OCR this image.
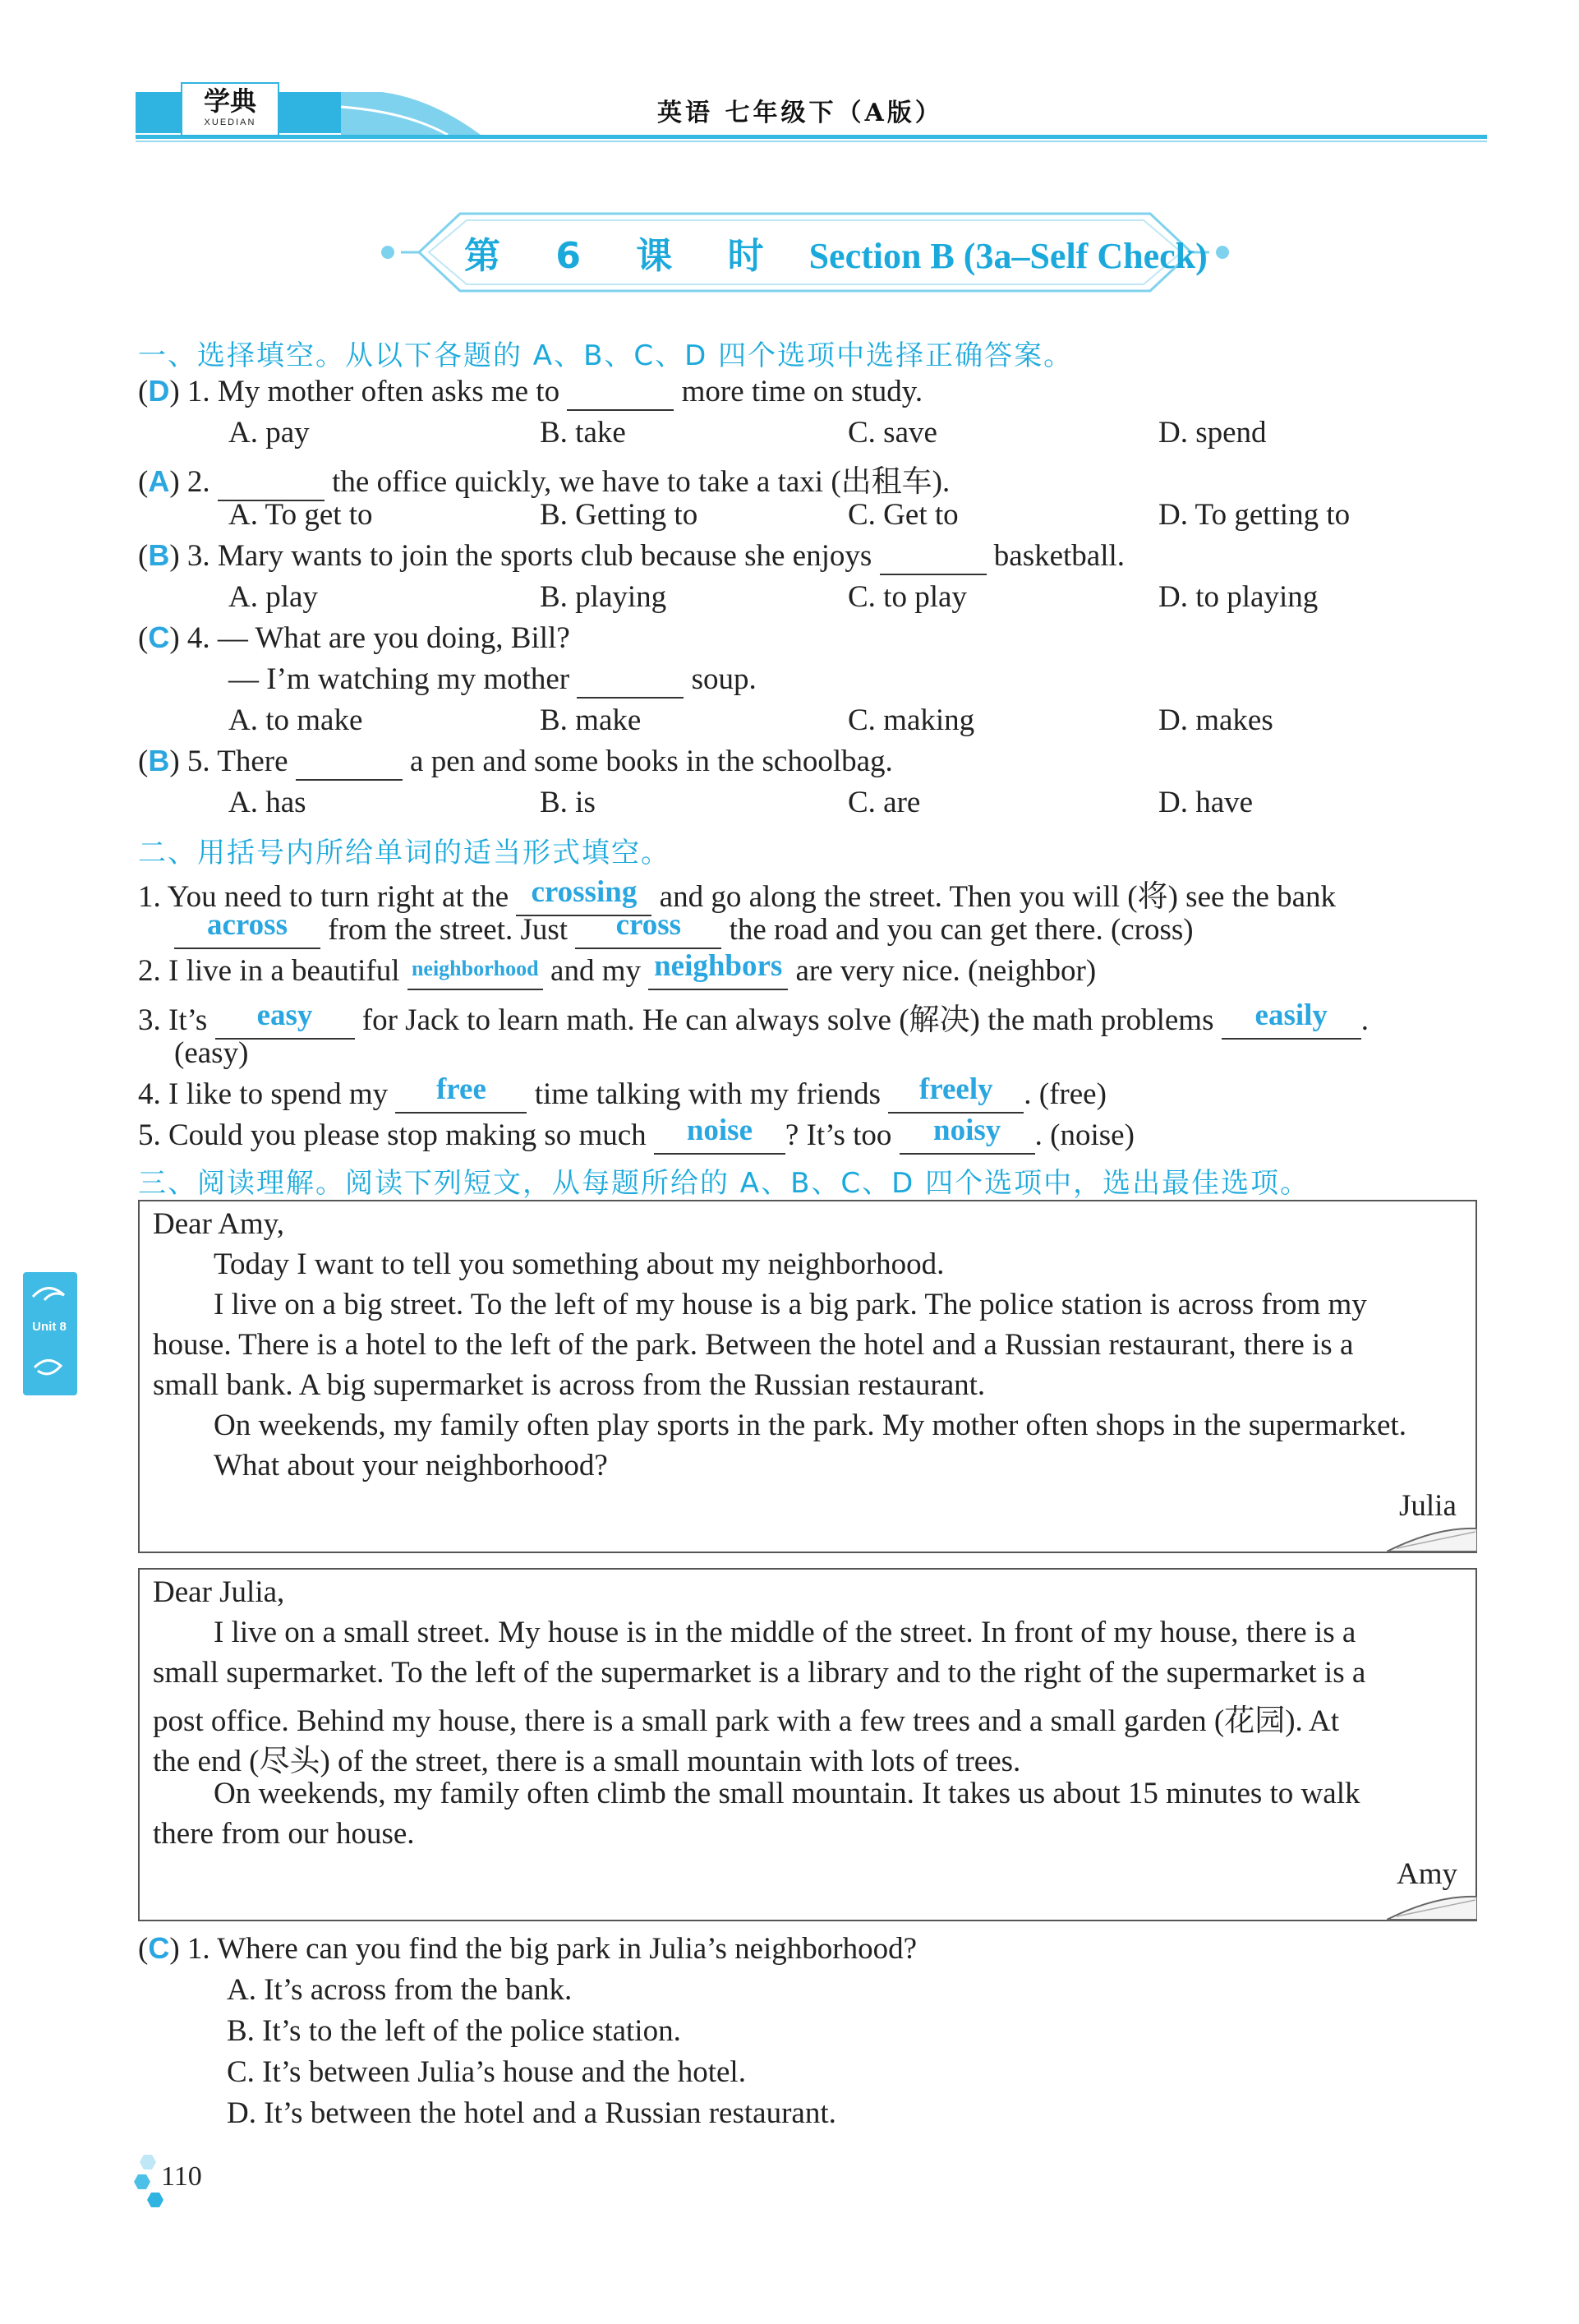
学典
XUEDIAN	英语 七年级下（A版）
第 6 课 时 Section B (3a–Self Check)
一、选择填空。从以下各题的 A、B、C、D 四个选项中选择正确答案。
(D) 1. My mother often asks me to	more time on study.
A. pay	B. take	C. save	D. spend
(A) 2.	the office quickly, we have to take a taxi (出租车).
A. To get to	B. Getting to	C. Get to	D. To getting to
(B) 3. Mary wants to join the sports club because she enjoys	basketball.
A. play	B. playing	C. to play	D. to playing
(C) 4. — What are you doing, Bill?
— I’m watching my mother	soup.
A. to make	B. make	C. making	D. makes
(B) 5. There	a pen and some books in the schoolbag.
A. has	B. is	C. are	D. have
二、用括号内所给单词的适当形式填空。
1. You need to turn right at the crossing and go along the street. Then you will (将) see the bank
across from the street. Just cross the road and you can get there. (cross)
2. I live in a beautiful neighborhood and my neighbors are very nice. (neighbor)
3. It’s easy for Jack to learn math. He can always solve (解决) the math problems easily .
(easy)
4. I like to spend my free time talking with my friends freely . (free)
5. Could you please stop making so much noise ? It’s too noisy . (noise)
三、阅读理解。阅读下列短文，从每题所给的 A、B、C、D 四个选项中，选出最佳选项。
Dear Amy,
Today I want to tell you something about my neighborhood.
I live on a big street. To the left of my house is a big park. The police station is across from my
house. There is a hotel to the left of the park. Between the hotel and a Russian restaurant, there is a
small bank. A big supermarket is across from the Russian restaurant.
On weekends, my family often play sports in the park. My mother often shops in the supermarket.
What about your neighborhood?
Julia
Dear Julia,
I live on a small street. My house is in the middle of the street. In front of my house, there is a
small supermarket. To the left of the supermarket is a library and to the right of the supermarket is a
post office. Behind my house, there is a small park with a few trees and a small garden (花园). At
the end (尽头) of the street, there is a small mountain with lots of trees.
On weekends, my family often climb the small mountain. It takes us about 15 minutes to walk
there from our house.
Amy
(C) 1. Where can you find the big park in Julia’s neighborhood?
A. It’s across from the bank.
B. It’s to the left of the police station.
C. It’s between Julia’s house and the hotel.
D. It’s between the hotel and a Russian restaurant.
Unit 8
110
